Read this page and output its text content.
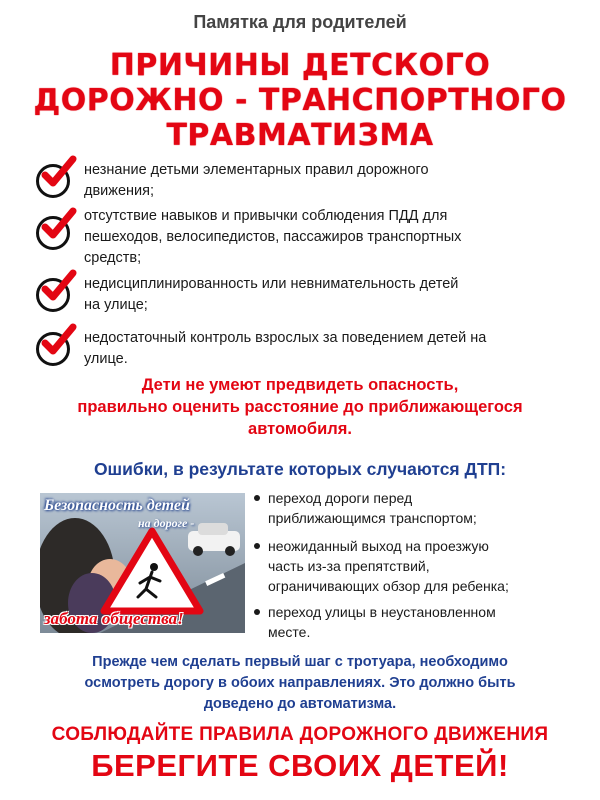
Памятка для родителей
ПРИЧИНЫ ДЕТСКОГО
ДОРОЖНО - ТРАНСПОРТНОГО
ТРАВМАТИЗМА
незнание детьми элементарных правил дорожного
движения;
отсутствие навыков и привычки соблюдения ПДД для
пешеходов, велосипедистов, пассажиров транспортных
средств;
недисциплинированность или невнимательность детей
на улице;
недостаточный контроль взрослых за поведением детей на
улице.
Дети не умеют предвидеть опасность,
правильно оценить расстояние до приближающегося
автомобиля.
Ошибки, в результате которых случаются ДТП:
Безопасность детей
на дороге -
забота общества!
переход дороги перед
приближающимся транспортом;
неожиданный выход на проезжую
часть из-за препятствий,
ограничивающих обзор для ребенка;
переход улицы в неустановленном
месте.
Прежде чем сделать первый шаг с тротуара, необходимо
осмотреть дорогу в обоих направлениях. Это должно быть
доведено до автоматизма.
СОБЛЮДАЙТЕ ПРАВИЛА ДОРОЖНОГО ДВИЖЕНИЯ
БЕРЕГИТЕ СВОИХ ДЕТЕЙ!
